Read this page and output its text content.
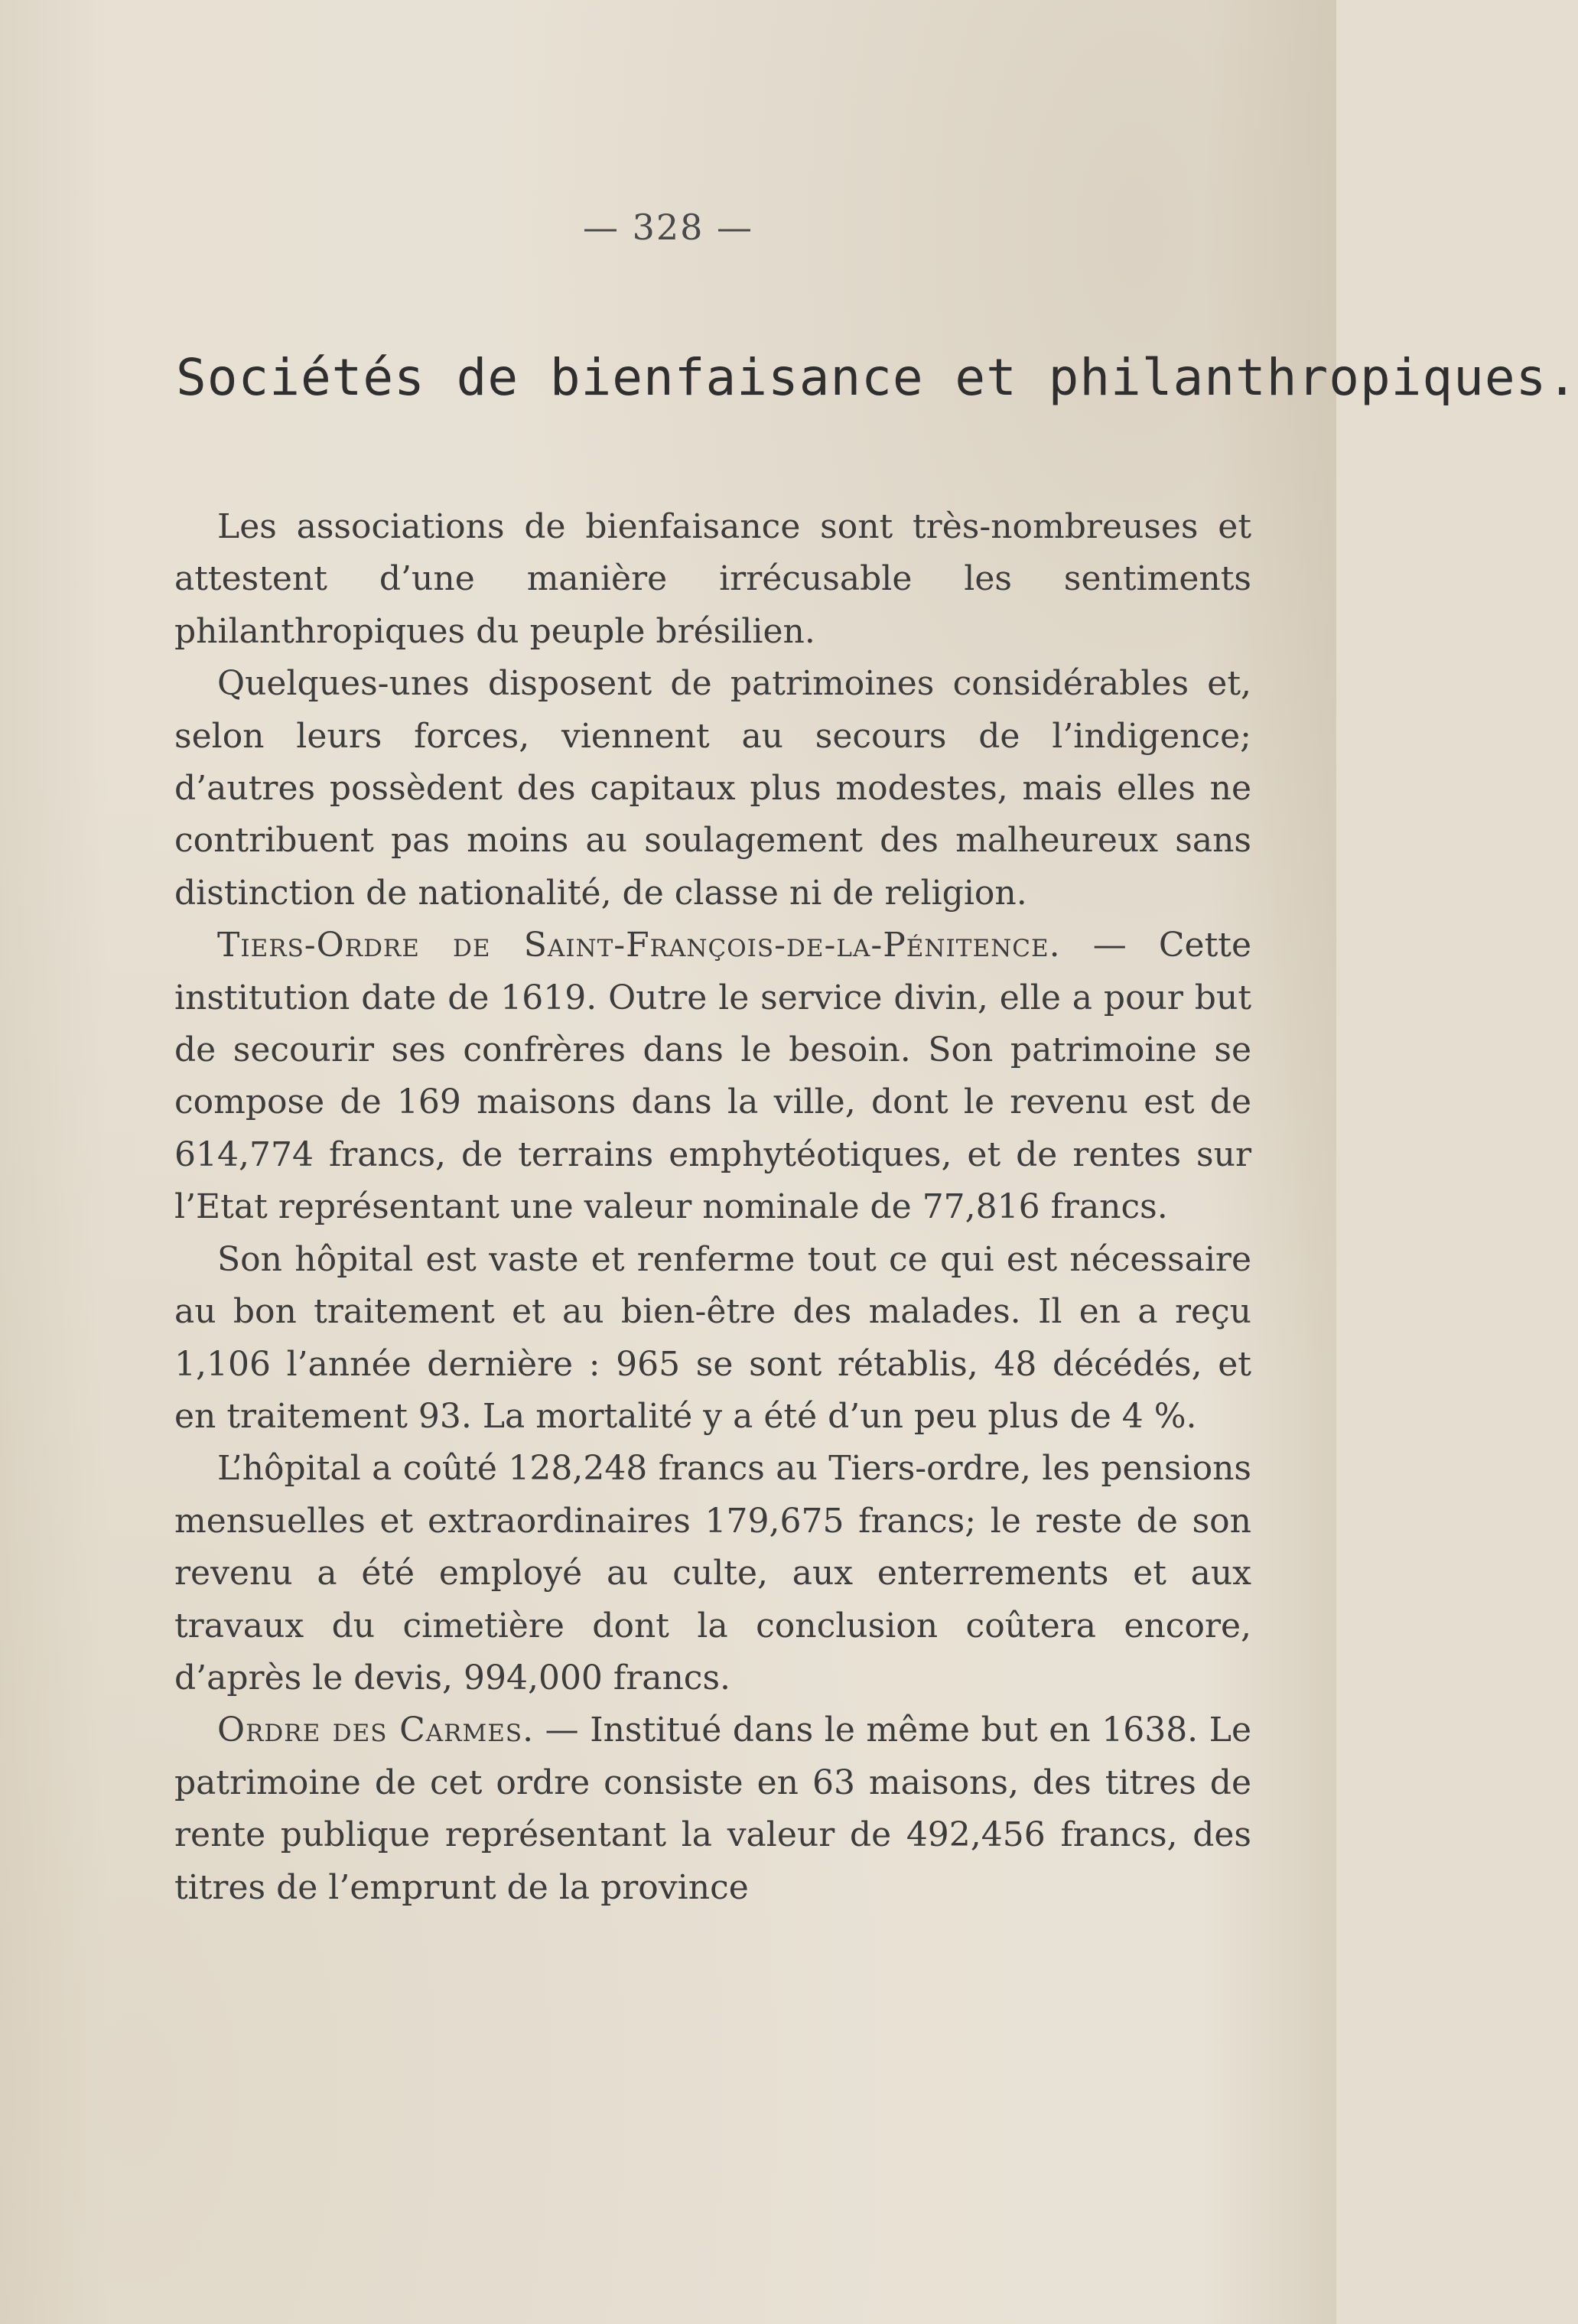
— 328 —
Sociétés de bienfaisance et philanthropiques.

Les associations de bienfaisance sont très-nombreuses et attestent d’une manière irrécusable les sentiments philanthropiques du peuple brésilien.

Quelques-unes disposent de patrimoines considérables et, selon leurs forces, viennent au secours de l’indigence; d’autres possèdent des capitaux plus modestes, mais elles ne contribuent pas moins au soulagement des malheureux sans distinction de nationalité, de classe ni de religion.

Tiers-Ordre de Saint-François-de-la-Pénitence. — Cette institution date de 1619. Outre le service divin, elle a pour but de secourir ses confrères dans le besoin. Son patrimoine se compose de 169 maisons dans la ville, dont le revenu est de 614,774 francs, de terrains emphytéotiques, et de rentes sur l’Etat représentant une valeur nominale de 77,816 francs.

Son hôpital est vaste et renferme tout ce qui est nécessaire au bon traitement et au bien-être des malades. Il en a reçu 1,106 l’année dernière : 965 se sont rétablis, 48 décédés, et en traitement 93. La mortalité y a été d’un peu plus de 4 %.

L’hôpital a coûté 128,248 francs au Tiers-ordre, les pensions mensuelles et extraordinaires 179,675 francs; le reste de son revenu a été employé au culte, aux enterrements et aux travaux du cimetière dont la conclusion coûtera encore, d’après le devis, 994,000 francs.

Ordre des Carmes. — Institué dans le même but en 1638. Le patrimoine de cet ordre consiste en 63 maisons, des titres de rente publique représentant la valeur de 492,456 francs, des titres de l’emprunt de la province
